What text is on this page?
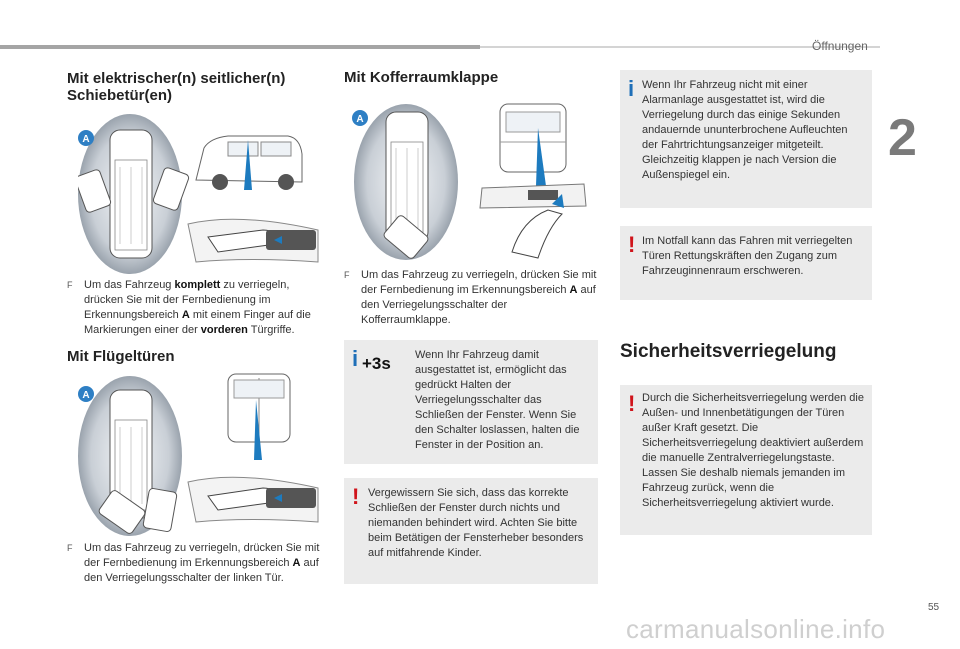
Öffnungen
2
55
carmanualsonline.info
Mit elektrischer(n) seitlicher(n)
Schiebetür(en)
A
F	Um das Fahrzeug komplett zu verriegeln, drücken Sie mit der Fernbedienung im Erkennungsbereich A mit einem Finger auf die Markierungen einer der vorderen Türgriffe.
Mit Flügeltüren
A
F	Um das Fahrzeug zu verriegeln, drücken Sie mit der Fernbedienung im Erkennungsbereich A auf den Verriegelungsschalter der linken Tür.
Mit Kofferraumklappe
A
F	Um das Fahrzeug zu verriegeln, drücken Sie mit der Fernbedienung im Erkennungsbereich A auf den Verriegelungsschalter der Kofferraumklappe.
i	Wenn Ihr Fahrzeug damit ausgestattet ist, ermöglicht das gedrückt Halten der Verriegelungsschalter das Schließen der Fenster. Wenn Sie den Schalter loslassen, halten die Fenster in der Position an.
+3s
! Vergewissern Sie sich, dass das korrekte Schließen der Fenster durch nichts und niemanden behindert wird. Achten Sie bitte beim Betätigen der Fensterheber besonders auf mitfahrende Kinder.
i Wenn Ihr Fahrzeug nicht mit einer Alarmanlage ausgestattet ist, wird die Verriegelung durch das einige Sekunden andauernde ununterbrochene Aufleuchten der Fahrtrichtungsanzeiger mitgeteilt. Gleichzeitig klappen je nach Version die Außenspiegel ein.
! Im Notfall kann das Fahren mit verriegelten Türen Rettungskräften den Zugang zum Fahrzeuginnenraum erschweren.
Sicherheitsverriegelung
! Durch die Sicherheitsverriegelung werden die Außen- und Innenbetätigungen der Türen außer Kraft gesetzt. Die Sicherheitsverriegelung deaktiviert außerdem die manuelle Zentralverriegelungstaste. Lassen Sie deshalb niemals jemanden im Fahrzeug zurück, wenn die Sicherheitsverriegelung aktiviert wurde.
